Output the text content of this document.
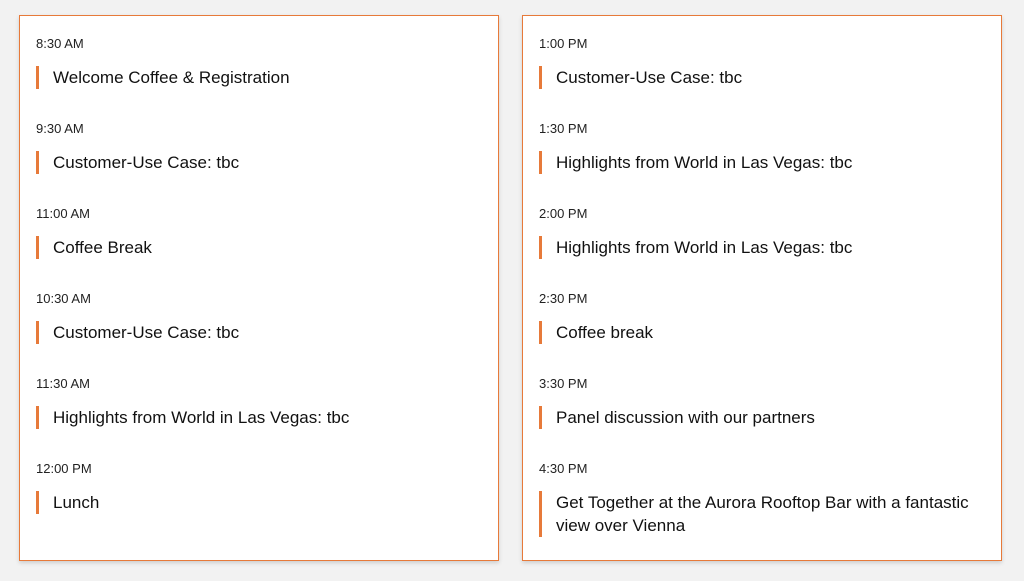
8:30 AM
Welcome Coffee & Registration
9:30 AM
Customer-Use Case: tbc
11:00 AM
Coffee Break
10:30 AM
Customer-Use Case: tbc
11:30 AM
Highlights from World in Las Vegas: tbc
12:00 PM
Lunch
1:00 PM
Customer-Use Case: tbc
1:30 PM
Highlights from World in Las Vegas: tbc
2:00 PM
Highlights from World in Las Vegas: tbc
2:30 PM
Coffee break
3:30 PM
Panel discussion with our partners
4:30 PM
Get Together at the Aurora Rooftop Bar with a fantastic view over Vienna
